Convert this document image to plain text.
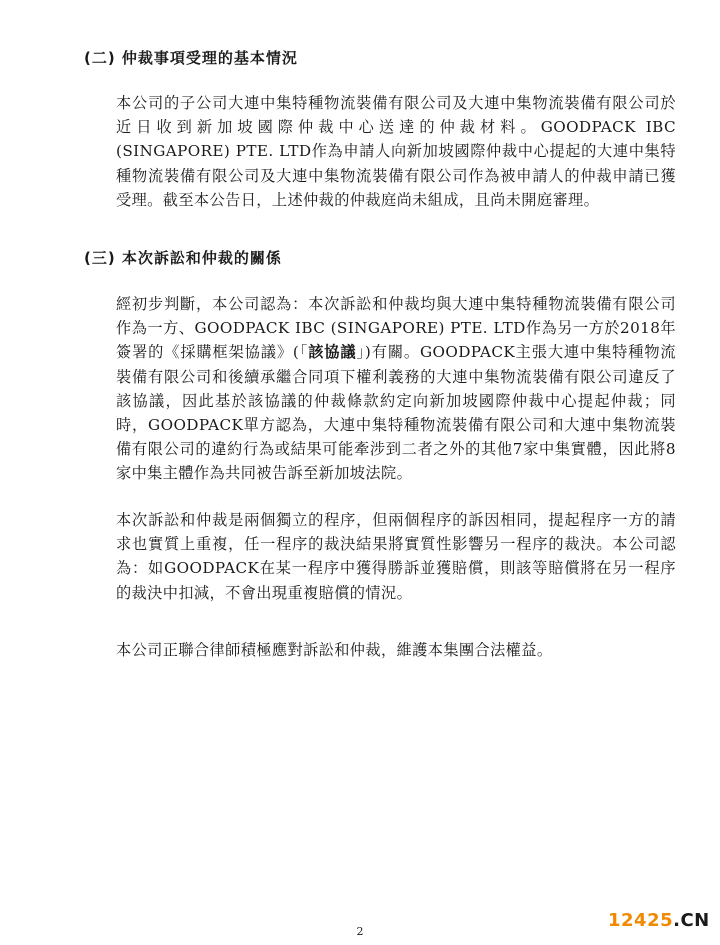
(二) 仲裁事項受理的基本情況
本公司的子公司大連中集特種物流裝備有限公司及大連中集物流裝備有限公司於近日收到新加坡國際仲裁中心送達的仲裁材料。GOODPACK IBC (SINGAPORE) PTE. LTD作為申請人向新加坡國際仲裁中心提起的大連中集特種物流裝備有限公司及大連中集物流裝備有限公司作為被申請人的仲裁申請已獲受理。截至本公告日，上述仲裁的仲裁庭尚未組成，且尚未開庭審理。
(三) 本次訴訟和仲裁的關係
經初步判斷，本公司認為：本次訴訟和仲裁均與大連中集特種物流裝備有限公司作為一方、GOODPACK IBC (SINGAPORE) PTE. LTD作為另一方於2018年簽署的《採購框架協議》(「該協議」)有關。GOODPACK主張大連中集特種物流裝備有限公司和後續承繼合同項下權利義務的大連中集物流裝備有限公司違反了該協議，因此基於該協議的仲裁條款約定向新加坡國際仲裁中心提起仲裁；同時，GOODPACK單方認為，大連中集特種物流裝備有限公司和大連中集物流裝備有限公司的違約行為或結果可能牽涉到二者之外的其他7家中集實體，因此將8家中集主體作為共同被告訴至新加坡法院。
本次訴訟和仲裁是兩個獨立的程序，但兩個程序的訴因相同，提起程序一方的請求也實質上重複，任一程序的裁決結果將實質性影響另一程序的裁決。本公司認為：如GOODPACK在某一程序中獲得勝訴並獲賠償，則該等賠償將在另一程序的裁決中扣減，不會出現重複賠償的情況。
本公司正聯合律師積極應對訴訟和仲裁，維護本集團合法權益。
2
12425.CN
